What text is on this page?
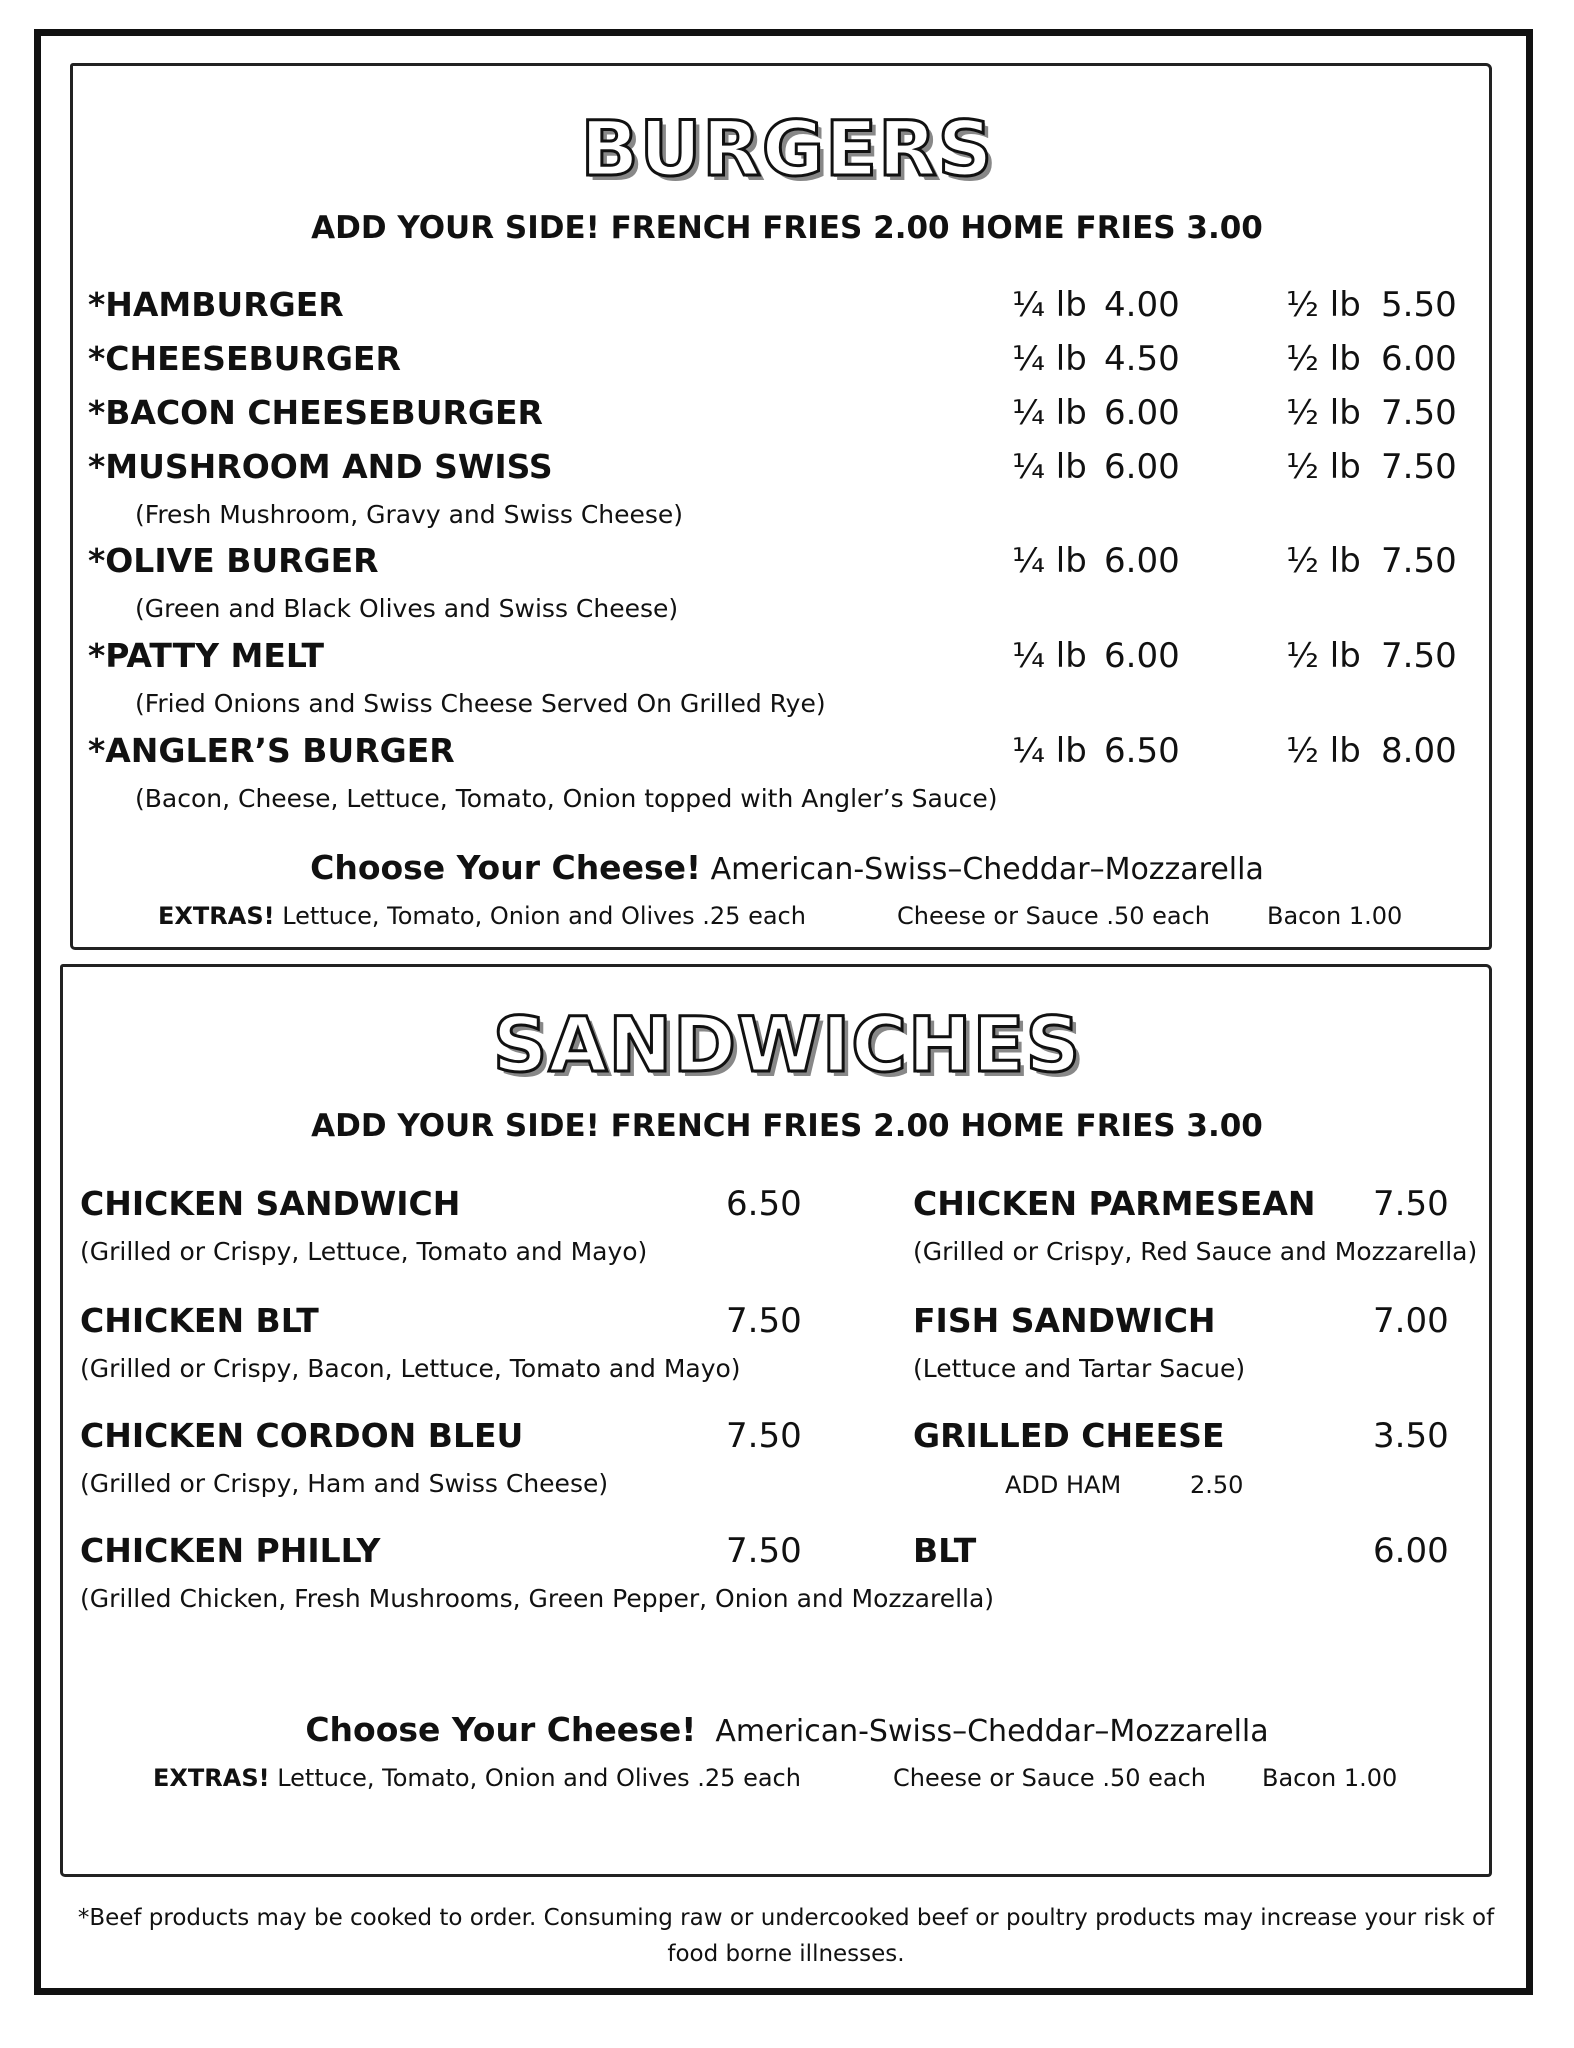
BURGERS
ADD YOUR SIDE! FRENCH FRIES 2.00 HOME FRIES 3.00
*HAMBURGER	¼ lb 4.00	½ lb 5.50
*CHEESEBURGER	¼ lb 4.50	½ lb 6.00
*BACON CHEESEBURGER	¼ lb 6.00	½ lb 7.50
*MUSHROOM AND SWISS	¼ lb 6.00	½ lb 7.50
(Fresh Mushroom, Gravy and Swiss Cheese)
*OLIVE BURGER	¼ lb 6.00	½ lb 7.50
(Green and Black Olives and Swiss Cheese)
*PATTY MELT	¼ lb 6.00	½ lb 7.50
(Fried Onions and Swiss Cheese Served On Grilled Rye)
*ANGLER’S BURGER	¼ lb 6.50	½ lb 8.00
(Bacon, Cheese, Lettuce, Tomato, Onion topped with Angler’s Sauce)
Choose Your Cheese! American-Swiss–Cheddar–Mozzarella
EXTRAS! Lettuce, Tomato, Onion and Olives .25 each	Cheese or Sauce .50 each Bacon 1.00
SANDWICHES
ADD YOUR SIDE! FRENCH FRIES 2.00 HOME FRIES 3.00
CHICKEN SANDWICH	6.50
(Grilled or Crispy, Lettuce, Tomato and Mayo)
CHICKEN BLT	7.50
(Grilled or Crispy, Bacon, Lettuce, Tomato and Mayo)
CHICKEN CORDON BLEU	7.50
(Grilled or Crispy, Ham and Swiss Cheese)
CHICKEN PHILLY	7.50
(Grilled Chicken, Fresh Mushrooms, Green Pepper, Onion and Mozzarella)
CHICKEN PARMESEAN 7.50
(Grilled or Crispy, Red Sauce and Mozzarella)
FISH SANDWICH	7.00
(Lettuce and Tartar Sacue)
GRILLED CHEESE	3.50
BLT	6.00
ADD HAM	2.50
Choose Your Cheese! American-Swiss–Cheddar–Mozzarella
EXTRAS! Lettuce, Tomato, Onion and Olives .25 each	Cheese or Sauce .50 each Bacon 1.00
*Beef products may be cooked to order. Consuming raw or undercooked beef or poultry products may increase your risk of food borne illnesses.
